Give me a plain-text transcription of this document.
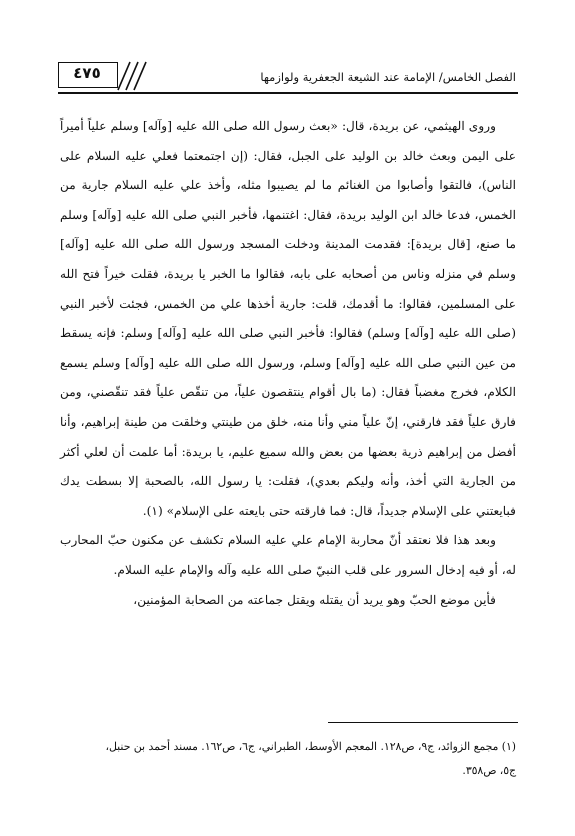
٤٧٥	الفصل الخامس/ الإمامة عند الشيعة الجعفرية ولوازمها

وروى الهيثمي، عن بريدة، قال: «بعث رسول الله صلى الله عليه [وآله] وسلم علياً أميراً على اليمن وبعث خالد بن الوليد على الجبل، فقال: (إن اجتمعتما فعلي عليه السلام على الناس)، فالتقوا وأصابوا من الغنائم ما لم يصيبوا مثله، وأخذ علي عليه السلام جارية من الخمس، فدعا خالد ابن الوليد بريدة، فقال: اغتنمها، فأخبر النبي صلى الله عليه [وآله] وسلم ما صنع، [قال بريدة]: فقدمت المدينة ودخلت المسجد ورسول الله صلى الله عليه [وآله] وسلم في منزله وناس من أصحابه على بابه، فقالوا ما الخبر يا بريدة، فقلت خيراً فتح الله على المسلمين، فقالوا: ما أقدمك، قلت: جارية أخذها علي من الخمس، فجئت لأخبر النبي (صلى الله عليه [وآله] وسلم) فقالوا: فأخبر النبي صلى الله عليه [وآله] وسلم: فإنه يسقط من عين النبي صلى الله عليه [وآله] وسلم، ورسول الله صلى الله عليه [وآله] وسلم يسمع الكلام، فخرج مغضباً فقال: (ما بال أقوام ينتقصون علياً، من تنقّص علياً فقد تنقّصني، ومن فارق علياً فقد فارقني، إنّ علياً مني وأنا منه، خلق من طينتي وخلقت من طينة إبراهيم، وأنا أفضل من إبراهيم ذرية بعضها من بعض والله سميع عليم، يا بريدة: أما علمت أن لعلي أكثر من الجارية التي أخذ، وأنه وليكم بعدي)، فقلت: يا رسول الله، بالصحبة إلا بسطت يدك فبايعتني على الإسلام جديداً، قال: فما فارقته حتى بايعته على الإسلام» (١).

وبعد هذا فلا نعتقد أنّ محاربة الإمام علي عليه السلام تكشف عن مكنون حبّ المحارب له، أو فيه إدخال السرور على قلب النبيّ صلى الله عليه وآله والإمام عليه السلام.

فأين موضع الحبّ وهو يريد أن يقتله ويقتل جماعته من الصحابة المؤمنين،

(١) مجمع الزوائد، ج٩، ص١٢٨. المعجم الأوسط، الطبراني، ج٦، ص١٦٢. مسند أحمد بن حنبل،
ج٥، ص٣٥٨.
